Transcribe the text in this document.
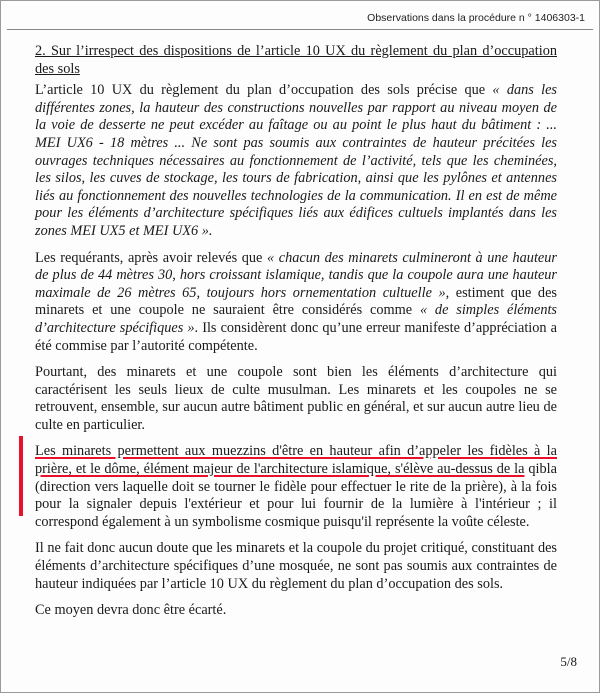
Observations dans la procédure n ° 1406303-1

2. Sur l’irrespect des dispositions de l’article 10 UX du règlement du plan d’occupation des sols

L’article 10 UX du règlement du plan d’occupation des sols précise que « dans les différentes zones, la hauteur des constructions nouvelles par rapport au niveau moyen de la voie de desserte ne peut excéder au faîtage ou au point le plus haut du bâtiment : ... MEI UX6 - 18 mètres ... Ne sont pas soumis aux contraintes de hauteur précitées les ouvrages techniques nécessaires au fonctionnement de l’activité, tels que les cheminées, les silos, les cuves de stockage, les tours de fabrication, ainsi que les pylônes et antennes liés au fonctionnement des nouvelles technologies de la communication. Il en est de même pour les éléments d’architecture spécifiques liés aux édifices cultuels implantés dans les zones MEI UX5 et MEI UX6 ».

Les requérants, après avoir relevés que « chacun des minarets culmineront à une hauteur de plus de 44 mètres 30, hors croissant islamique, tandis que la coupole aura une hauteur maximale de 26 mètres 65, toujours hors ornementation cultuelle », estiment que des minarets et une coupole ne sauraient être considérés comme « de simples éléments d’architecture spécifiques ». Ils considèrent donc qu’une erreur manifeste d’appréciation a été commise par l’autorité compétente.

Pourtant, des minarets et une coupole sont bien les éléments d’architecture qui caractérisent les seuls lieux de culte musulman. Les minarets et les coupoles ne se retrouvent, ensemble, sur aucun autre bâtiment public en général, et sur aucun autre lieu de culte en particulier.

Les minarets permettent aux muezzins d'être en hauteur afin d’appeler les fidèles à la prière, et le dôme, élément majeur de l'architecture islamique, s'élève au-dessus de la qibla (direction vers laquelle doit se tourner le fidèle pour effectuer le rite de la prière), à la fois pour la signaler depuis l'extérieur et pour lui fournir de la lumière à l'intérieur ; il correspond également à un symbolisme cosmique puisqu'il représente la voûte céleste.

Il ne fait donc aucun doute que les minarets et la coupole du projet critiqué, constituant des éléments d’architecture spécifiques d’une mosquée, ne sont pas soumis aux contraintes de hauteur indiquées par l’article 10 UX du règlement du plan d’occupation des sols.

Ce moyen devra donc être écarté.

5/8
